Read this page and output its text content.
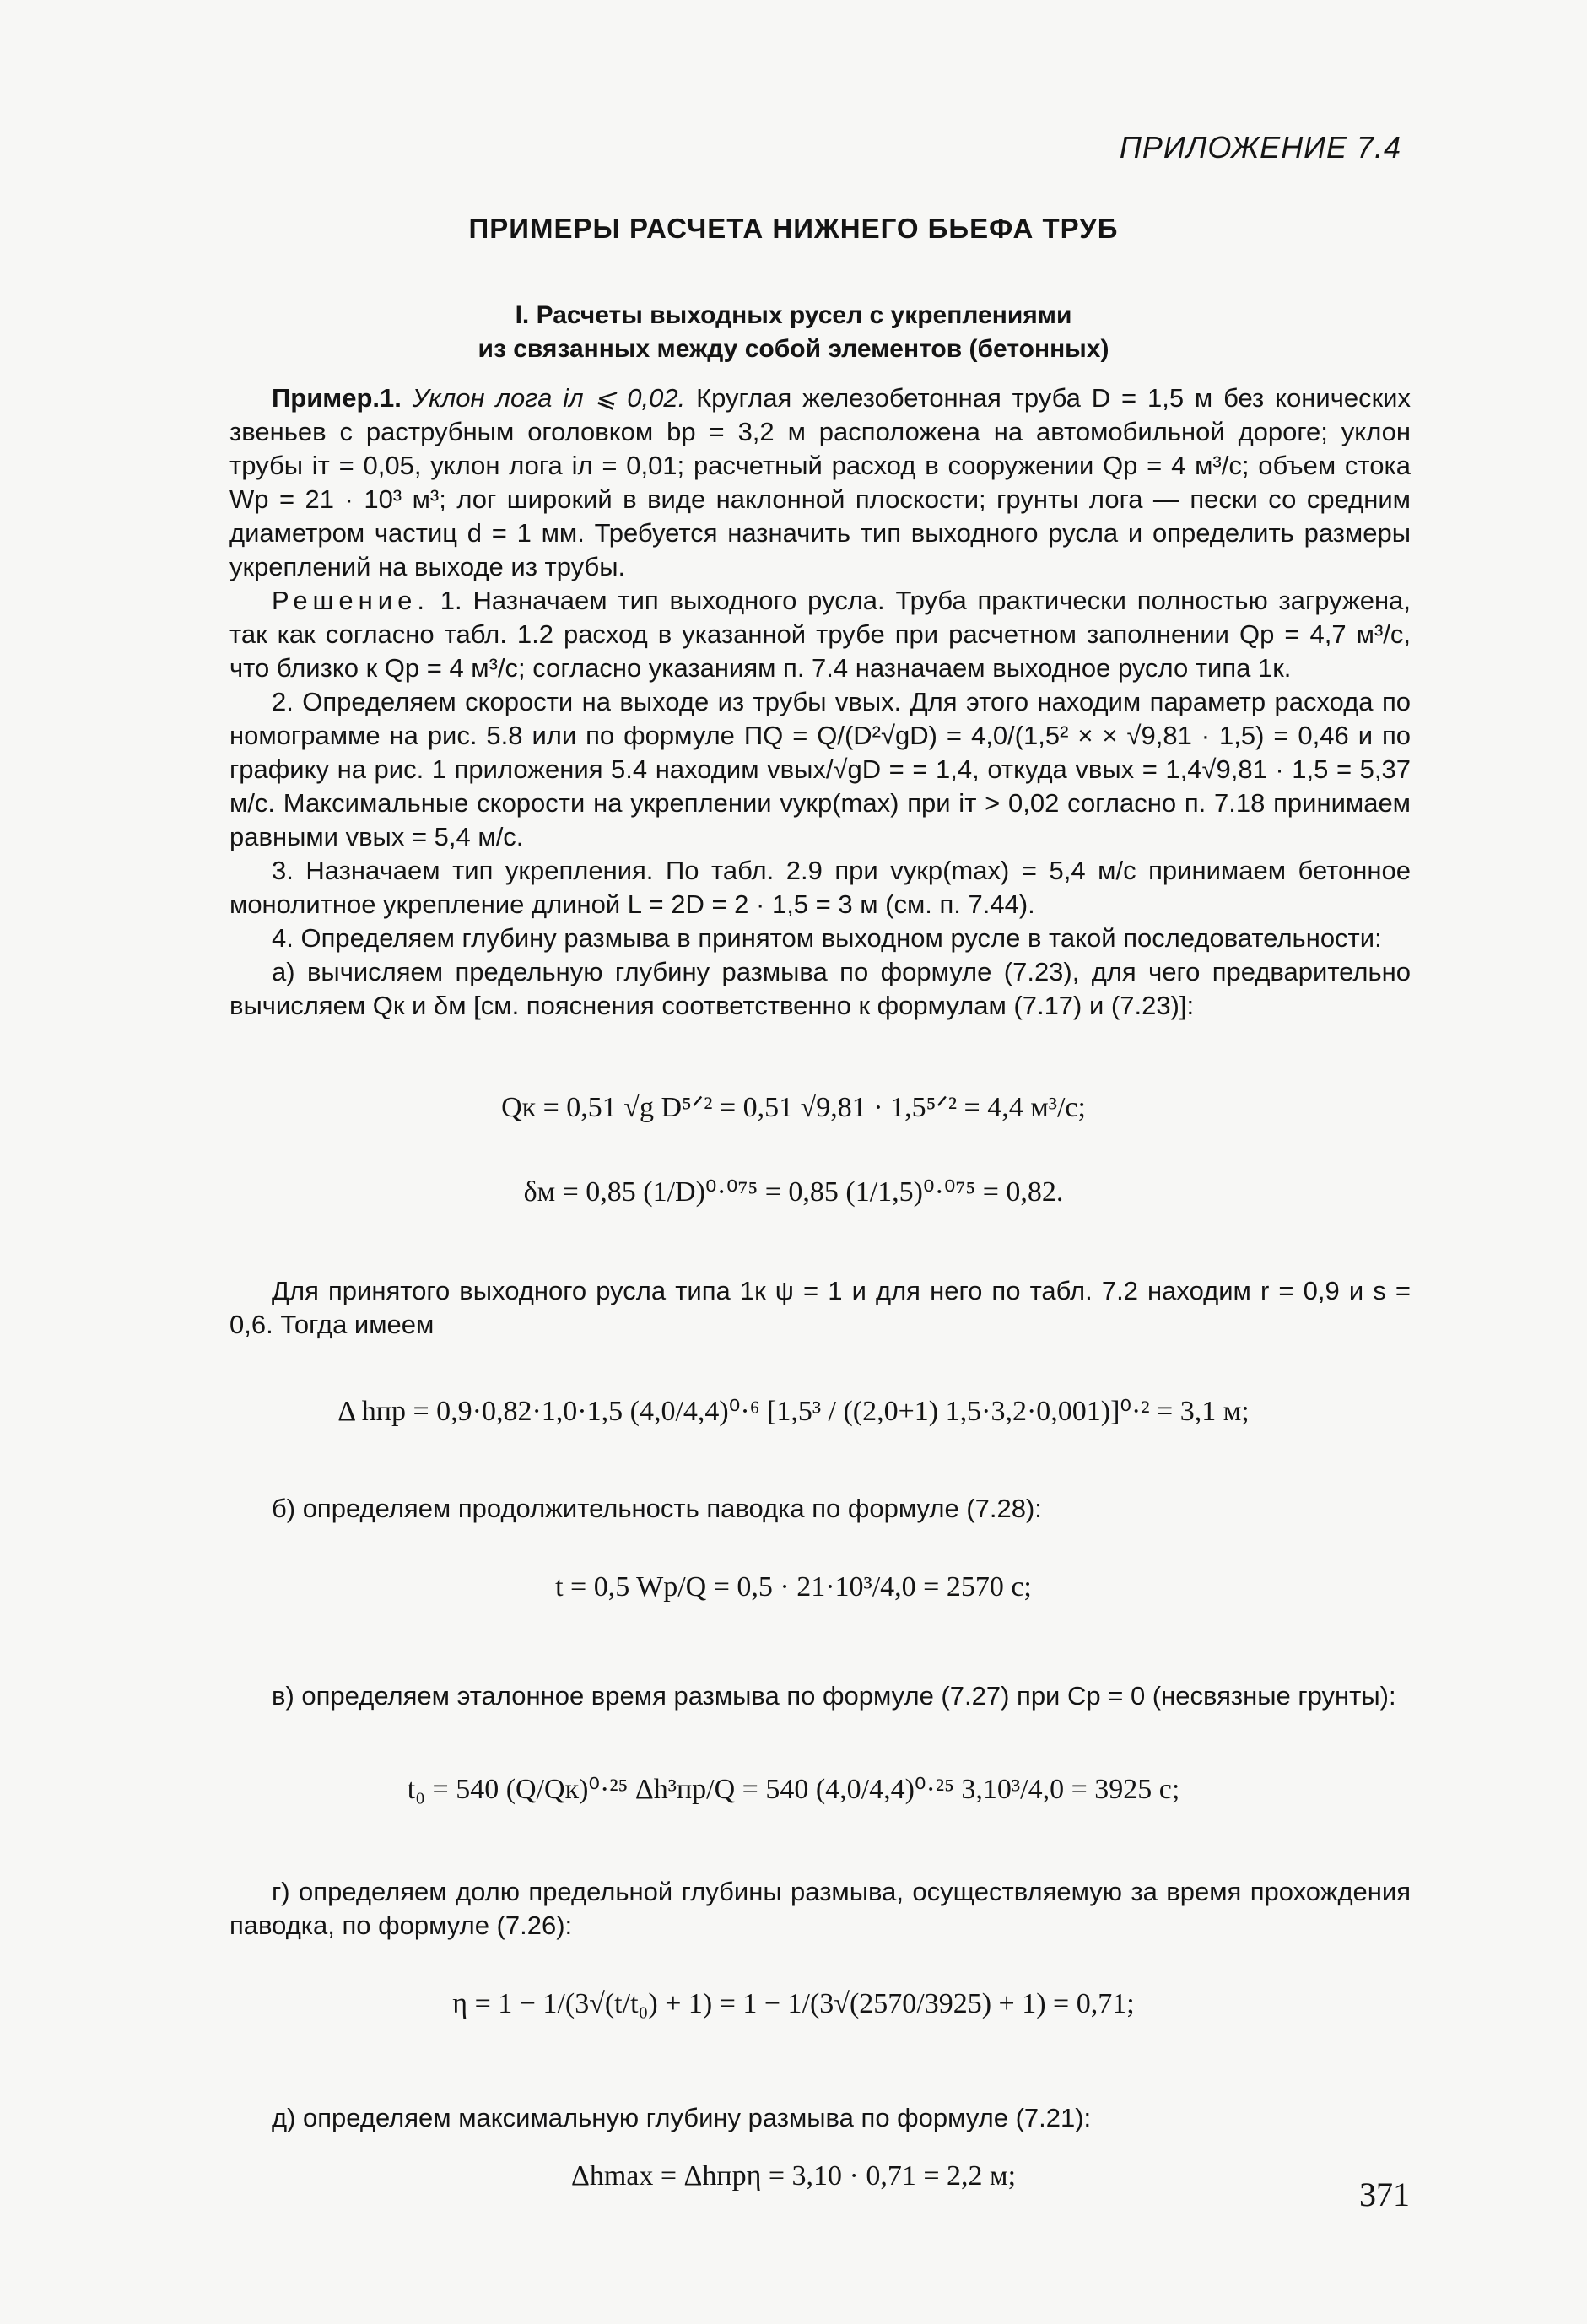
ПРИЛОЖЕНИЕ 7.4
ПРИМЕРЫ РАСЧЕТА НИЖНЕГО БЬЕФА ТРУБ
I. Расчеты выходных русел с укреплениями
из связанных между собой элементов (бетонных)

Пример.1. Уклон лога iл ⩽ 0,02. Круглая железобетонная труба D = 1,5 м без конических звеньев с раструбным оголовком bр = 3,2 м расположена на автомобильной дороге; уклон трубы iт = 0,05, уклон лога iл = 0,01; расчетный расход в сооружении Qр = 4 м³/с; объем стока Wр = 21 · 10³ м³; лог широкий в виде наклонной плоскости; грунты лога — пески со средним диаметром частиц d = 1 мм. Требуется назначить тип выходного русла и определить размеры укреплений на выходе из трубы.

Решение. 1. Назначаем тип выходного русла. Труба практически полностью загружена, так как согласно табл. 1.2 расход в указанной трубе при расчетном заполнении Qр = 4,7 м³/с, что близко к Qр = 4 м³/с; согласно указаниям п. 7.4 назначаем выходное русло типа 1к.

2. Определяем скорости на выходе из трубы vвых. Для этого находим параметр расхода по номограмме на рис. 5.8 или по формуле ПQ = Q/(D²√gD) = 4,0/(1,5² × × √9,81 · 1,5) = 0,46 и по графику на рис. 1 приложения 5.4 находим vвых/√gD = = 1,4, откуда vвых = 1,4√9,81 · 1,5 = 5,37 м/с. Максимальные скорости на укреплении vукр(max) при iт > 0,02 согласно п. 7.18 принимаем равными vвых = 5,4 м/с.

3. Назначаем тип укрепления. По табл. 2.9 при vукр(max) = 5,4 м/с принимаем бетонное монолитное укрепление длиной L = 2D = 2 · 1,5 = 3 м (см. п. 7.44).

4. Определяем глубину размыва в принятом выходном русле в такой последовательности:

а) вычисляем предельную глубину размыва по формуле (7.23), для чего предварительно вычисляем Qк и δм [см. пояснения соответственно к формулам (7.17) и (7.23)]:

Qк = 0,51 √g D⁵ᐟ² = 0,51 √9,81 · 1,5⁵ᐟ² = 4,4 м³/с;
δм = 0,85 (1/D)⁰·⁰⁷⁵ = 0,85 (1/1,5)⁰·⁰⁷⁵ = 0,82.

Для принятого выходного русла типа 1к ψ = 1 и для него по табл. 7.2 находим r = 0,9 и s = 0,6. Тогда имеем

Δ hпр = 0,9·0,82·1,0·1,5 (4,0/4,4)⁰·⁶ [1,5³ / ((2,0+1) 1,5·3,2·0,001)]⁰·² = 3,1 м;

б) определяем продолжительность паводка по формуле (7.28):

t = 0,5 Wр/Q = 0,5 · 21·10³/4,0 = 2570 с;

в) определяем эталонное время размыва по формуле (7.27) при Cр = 0 (несвязные грунты):

t₀ = 540 (Q/Qк)⁰·²⁵ Δh³пр/Q = 540 (4,0/4,4)⁰·²⁵ 3,10³/4,0 = 3925 с;

г) определяем долю предельной глубины размыва, осуществляемую за время прохождения паводка, по формуле (7.26):

η = 1 − 1/(3√(t/t₀) + 1) = 1 − 1/(3√(2570/3925) + 1) = 0,71;

д) определяем максимальную глубину размыва по формуле (7.21):

Δhmax = Δhпрη = 3,10 · 0,71 = 2,2 м;	371
